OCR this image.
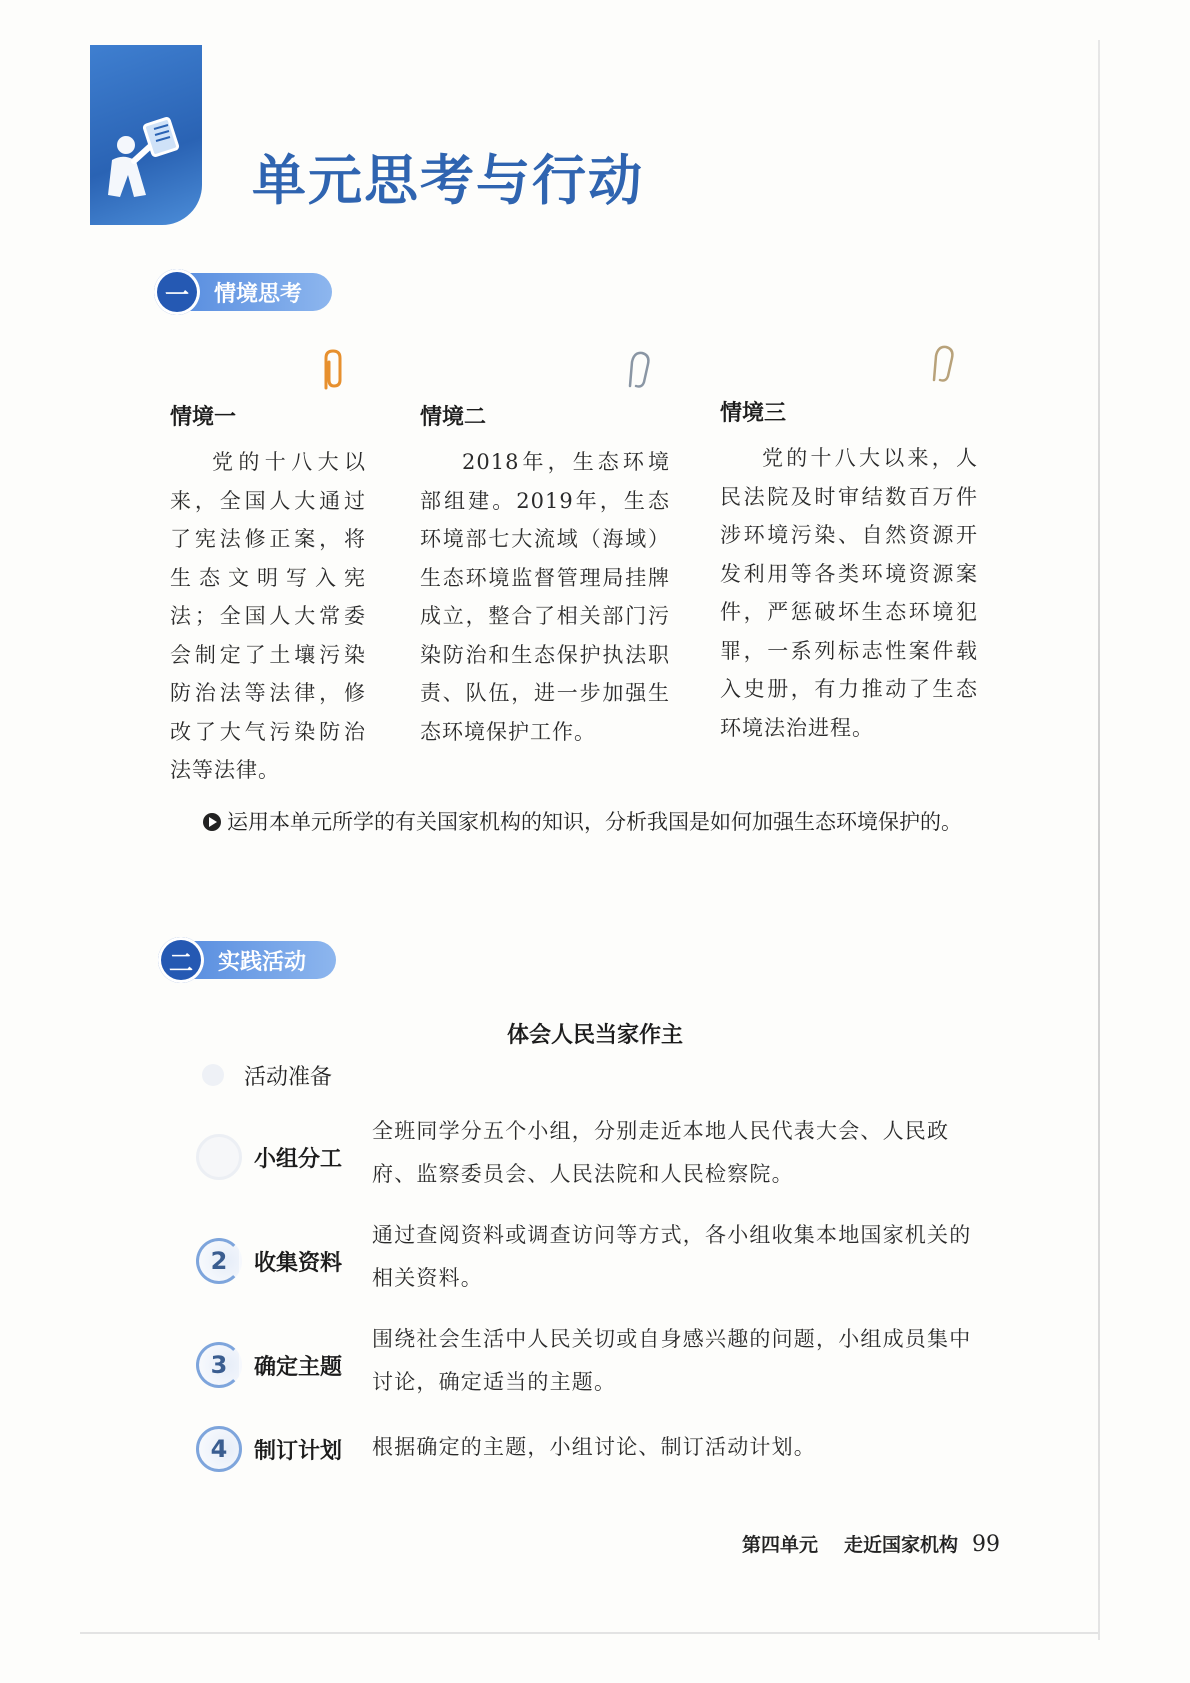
单元思考与行动
一	情境思考
情境一
党的十八大以来，全国人大通过了宪法修正案，将生态文明写入宪法；全国人大常委会制定了土壤污染防治法等法律，修改了大气污染防治法等法律。
情境二
2018年，生态环境部组建。2019年，生态环境部七大流域（海域）生态环境监督管理局挂牌成立，整合了相关部门污染防治和生态保护执法职责、队伍，进一步加强生态环境保护工作。
情境三
党的十八大以来，人民法院及时审结数百万件涉环境污染、自然资源开发利用等各类环境资源案件，严惩破坏生态环境犯罪，一系列标志性案件载入史册，有力推动了生态环境法治进程。
运用本单元所学的有关国家机构的知识，分析我国是如何加强生态环境保护的。
二	实践活动
体会人民当家作主
活动准备
小组分工
全班同学分五个小组，分别走近本地人民代表大会、人民政府、监察委员会、人民法院和人民检察院。
2	收集资料
通过查阅资料或调查访问等方式，各小组收集本地国家机关的相关资料。
3	确定主题
围绕社会生活中人民关切或自身感兴趣的问题，小组成员集中讨论，确定适当的主题。
4	制订计划 根据确定的主题，小组讨论、制订活动计划。
第四单元 走近国家机构 99
